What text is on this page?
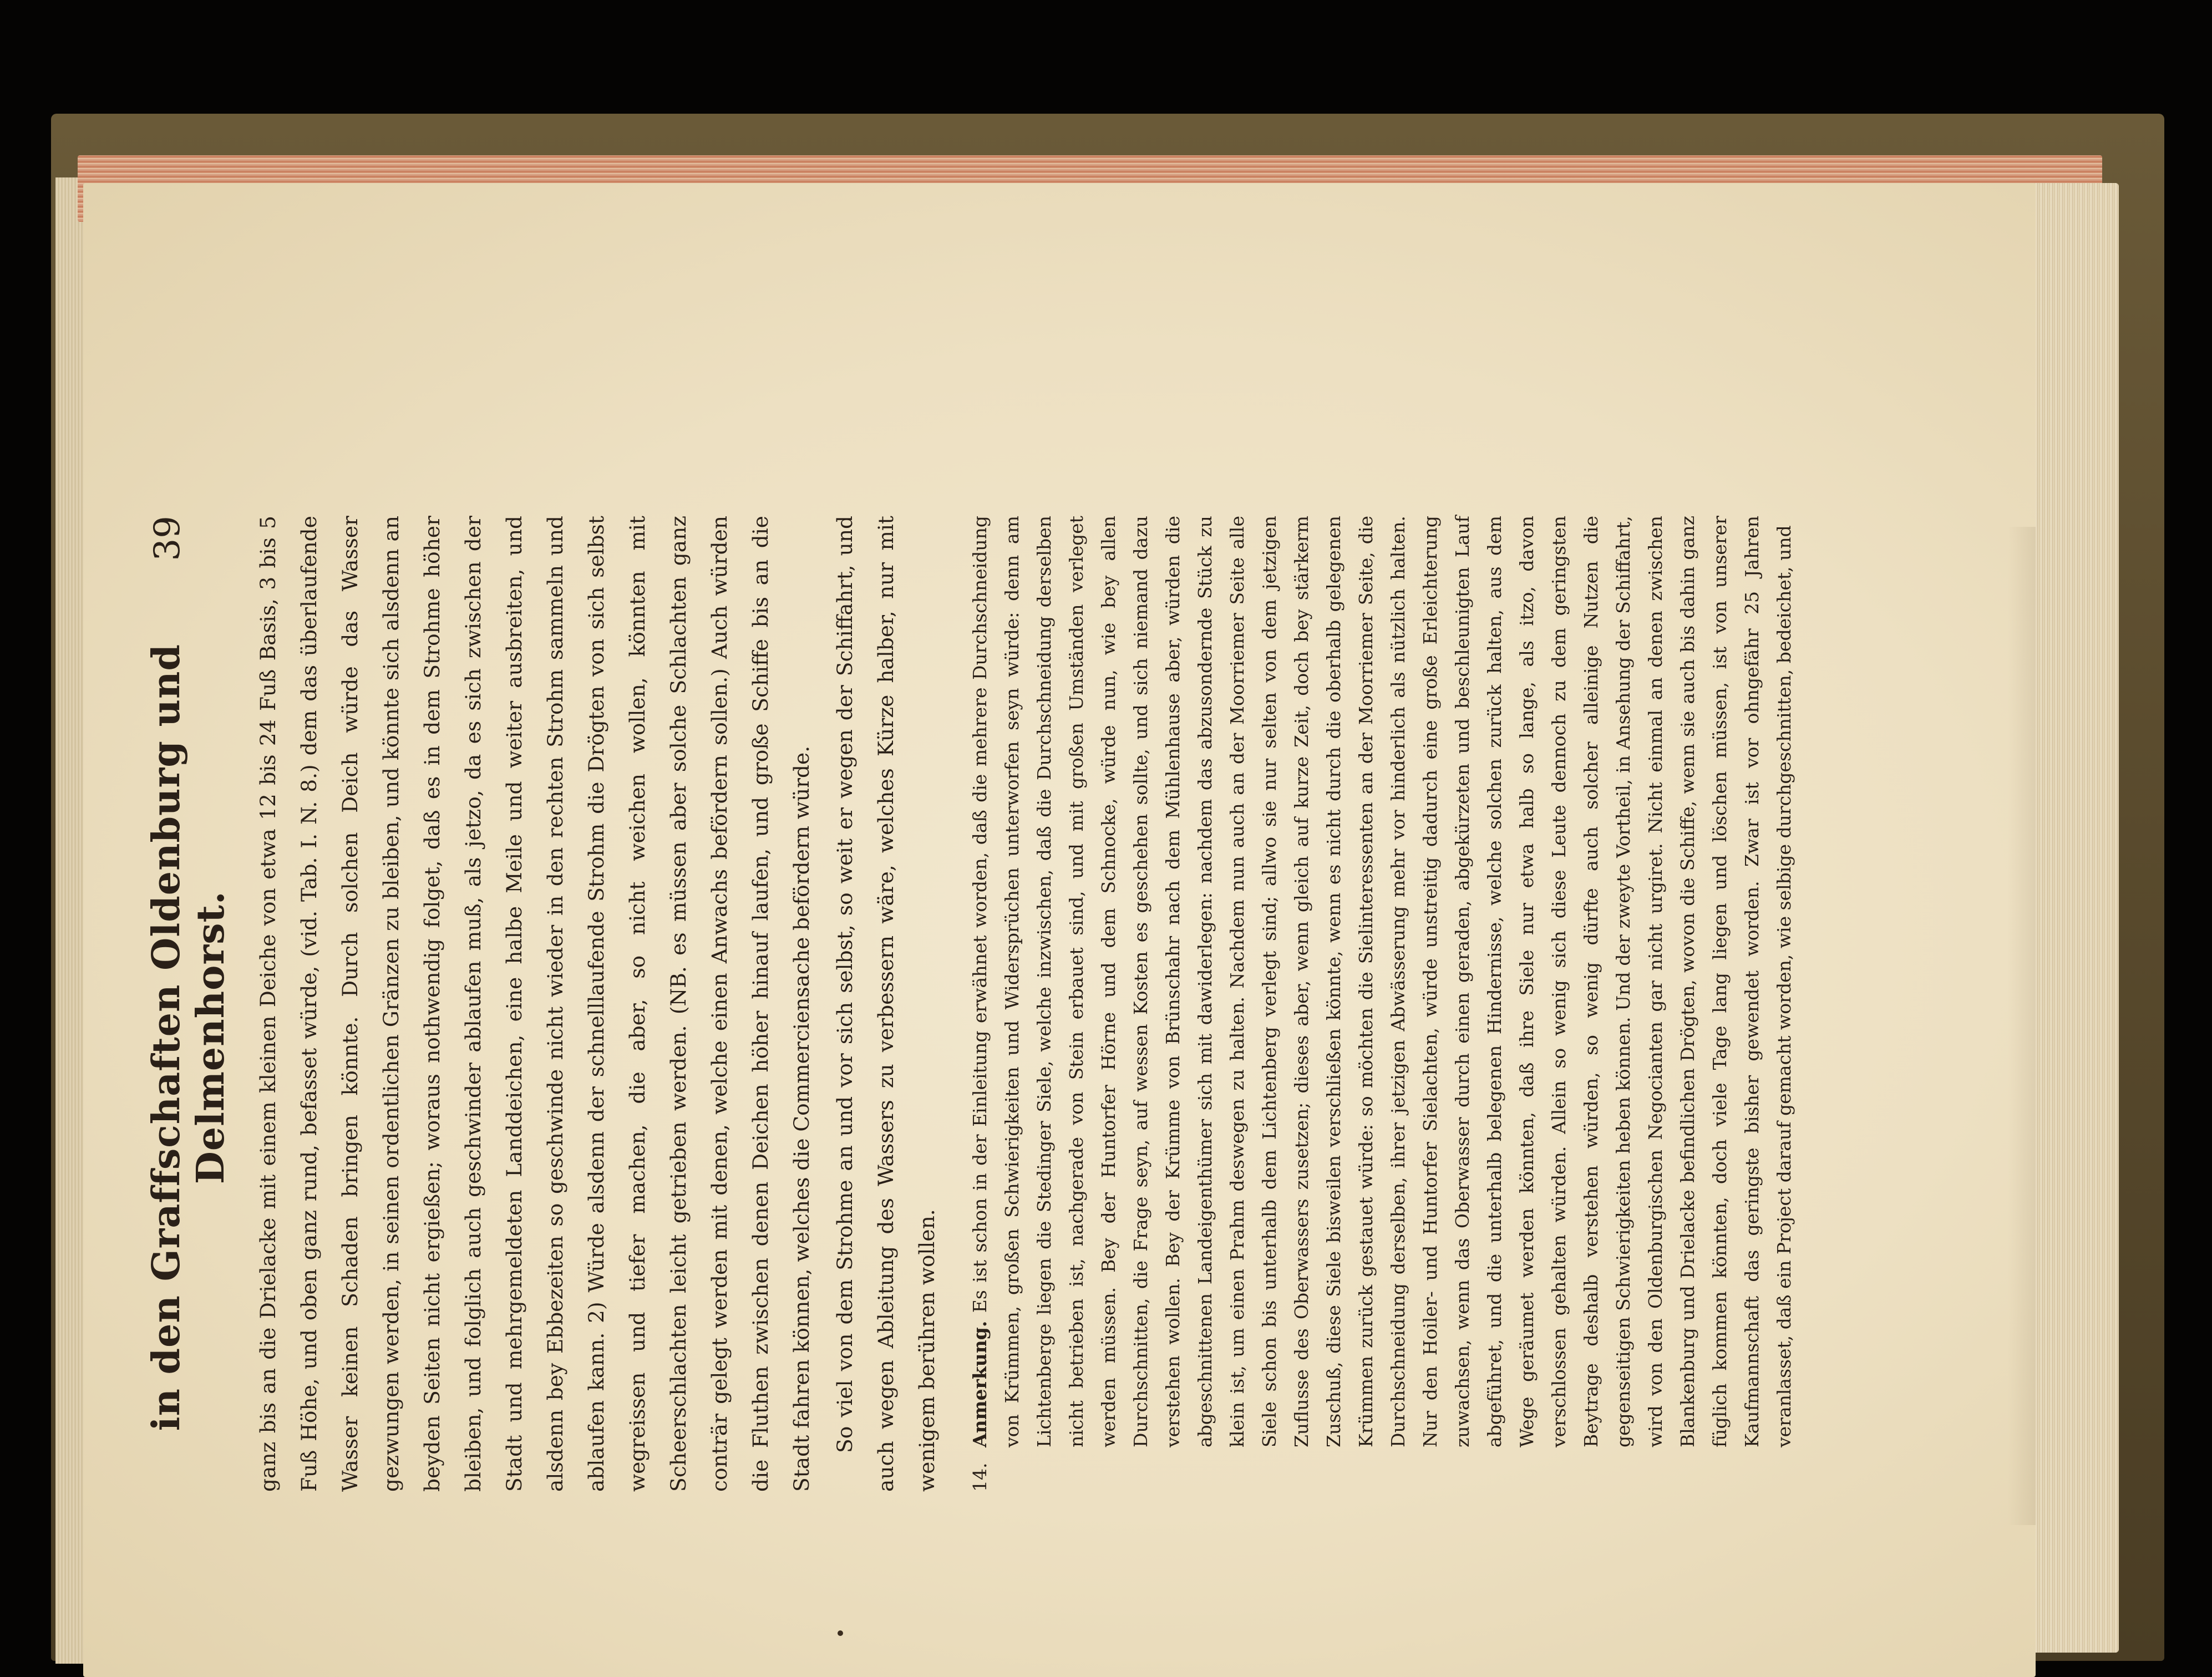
in den Graffschaften Oldenburg und Delmenhorst.
39	ganz bis an die Drielacke mit einem kleinen Deiche von etwa 12 bis 24 Fuß Basis, 3 bis 5 Fuß Höhe, und oben ganz rund, befasset würde, (vid. Tab. I. N. 8.) dem das überlaufende Wasser keinen Schaden bringen könnte. Durch solchen Deich würde das Wasser gezwungen werden, in seinen ordentlichen Gränzen zu bleiben, und könnte sich alsdenn an beyden Seiten nicht ergießen; woraus nothwendig folget, daß es in dem Strohme höher bleiben, und folglich auch geschwinder ablaufen muß, als jetzo, da es sich zwischen der Stadt und mehrgemeldeten Landdeichen, eine halbe Meile und weiter ausbreiten, und alsdenn bey Ebbezeiten so geschwinde nicht wieder in den rechten Strohm sammeln und ablaufen kann. 2) Würde alsdenn der schnelllaufende Strohm die Drögten von sich selbst wegreissen und tiefer machen, die aber, so nicht weichen wollen, könnten mit Scheerschlachten leicht getrieben werden. (NB. es müssen aber solche Schlachten ganz conträr gelegt werden mit denen, welche einen Anwachs befördern sollen.) Auch würden die Fluthen zwischen denen Deichen höher hinauf laufen, und große Schiffe bis an die Stadt fahren können, welches die Commerciensache befördern würde. So viel von dem Strohme an und vor sich selbst, so weit er wegen der Schiffahrt, und auch wegen Ableitung des Wassers zu verbessern wäre, welches Kürze halber, nur mit wenigem berühren wollen.	14.
Anmerkung. Es ist schon in der Einleitung erwähnet worden, daß die mehrere Durchschneidung von Krümmen, großen Schwierigkeiten und Widersprüchen unterworfen seyn würde: denn am Lichtenberge liegen die Stedinger Siele, welche inzwischen, daß die Durchschneidung derselben nicht betrieben ist, nachgerade von Stein erbauet sind, und mit großen Umständen verleget werden müssen. Bey der Huntorfer Hörne und dem Schnocke, würde nun, wie bey allen Durchschnitten, die Frage seyn, auf wessen Kosten es geschehen sollte, und sich niemand dazu verstehen wollen. Bey der Krümme von Brünschahr nach dem Mühlenhause aber, würden die abgeschnittenen Landeigenthümer sich mit dawiderlegen: nachdem das abzusondernde Stück zu klein ist, um einen Prahm deswegen zu halten. Nachdem nun auch an der Moorriemer Seite alle Siele schon bis unterhalb dem Lichtenberg verlegt sind; allwo sie nur selten von dem jetzigen Zuflusse des Oberwassers zusetzen; dieses aber, wenn gleich auf kurze Zeit, doch bey stärkerm Zuschuß, diese Siele bisweilen verschließen könnte, wenn es nicht durch die oberhalb gelegenen Krümmen zurück gestauet würde: so möchten die Sielinteressenten an der Moorriemer Seite, die Durchschneidung derselben, ihrer jetzigen Abwässerung mehr vor hinderlich als nützlich halten. Nur den Hoiler- und Huntorfer Sielachten, würde unstreitig dadurch eine große Erleichterung zuwachsen, wenn das Oberwasser durch einen geraden, abgekürzeten und beschleunigten Lauf abgeführet, und die unterhalb belegenen Hindernisse, welche solchen zurück halten, aus dem Wege geräumet werden könnten, daß ihre Siele nur etwa halb so lange, als itzo, davon verschlossen gehalten würden. Allein so wenig sich diese Leute dennoch zu dem geringsten Beytrage deshalb verstehen würden, so wenig dürfte auch solcher alleinige Nutzen die gegenseitigen Schwierigkeiten heben können. Und der zweyte Vortheil, in Ansehung der Schiffahrt, wird von den Oldenburgischen Negocianten gar nicht urgiret. Nicht einmal an denen zwischen Blankenburg und Drielacke befindlichen Drögten, wovon die Schiffe, wenn sie auch bis dahin ganz füglich kommen könnten, doch viele Tage lang liegen und löschen müssen, ist von unserer Kaufmannschaft das geringste bisher gewendet worden. Zwar ist vor ohngefähr 25 Jahren veranlasset, daß ein Project darauf gemacht worden, wie selbige durchgeschnitten, bedeichet, und
